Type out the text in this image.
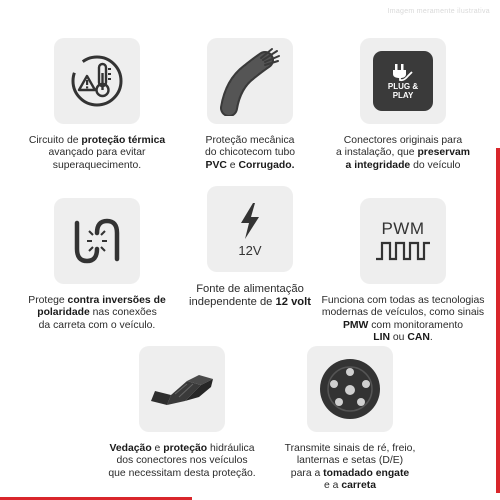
Imagem meramente ilustrativa
Circuito de proteção térmica
avançado para evitar
superaquecimento.
Proteção mecânica
do chicotecom tubo
PVC e Corrugado.
PLUG &
PLAY
Conectores originais para
a instalação, que preservam
a integridade do veículo
Protege contra inversões de
polaridade nas conexões
da carreta com o veículo.
12V
Fonte de alimentação
independente de 12 volt
PWM
Funciona com todas as tecnologias
modernas de veículos, como sinais
PMW com monitoramento
LIN ou CAN.
Vedação e proteção hidráulica
dos conectores nos veículos
que necessitam desta proteção.
Transmite sinais de ré, freio,
lanternas e setas (D/E)
para a tomadado engate
e a carreta
